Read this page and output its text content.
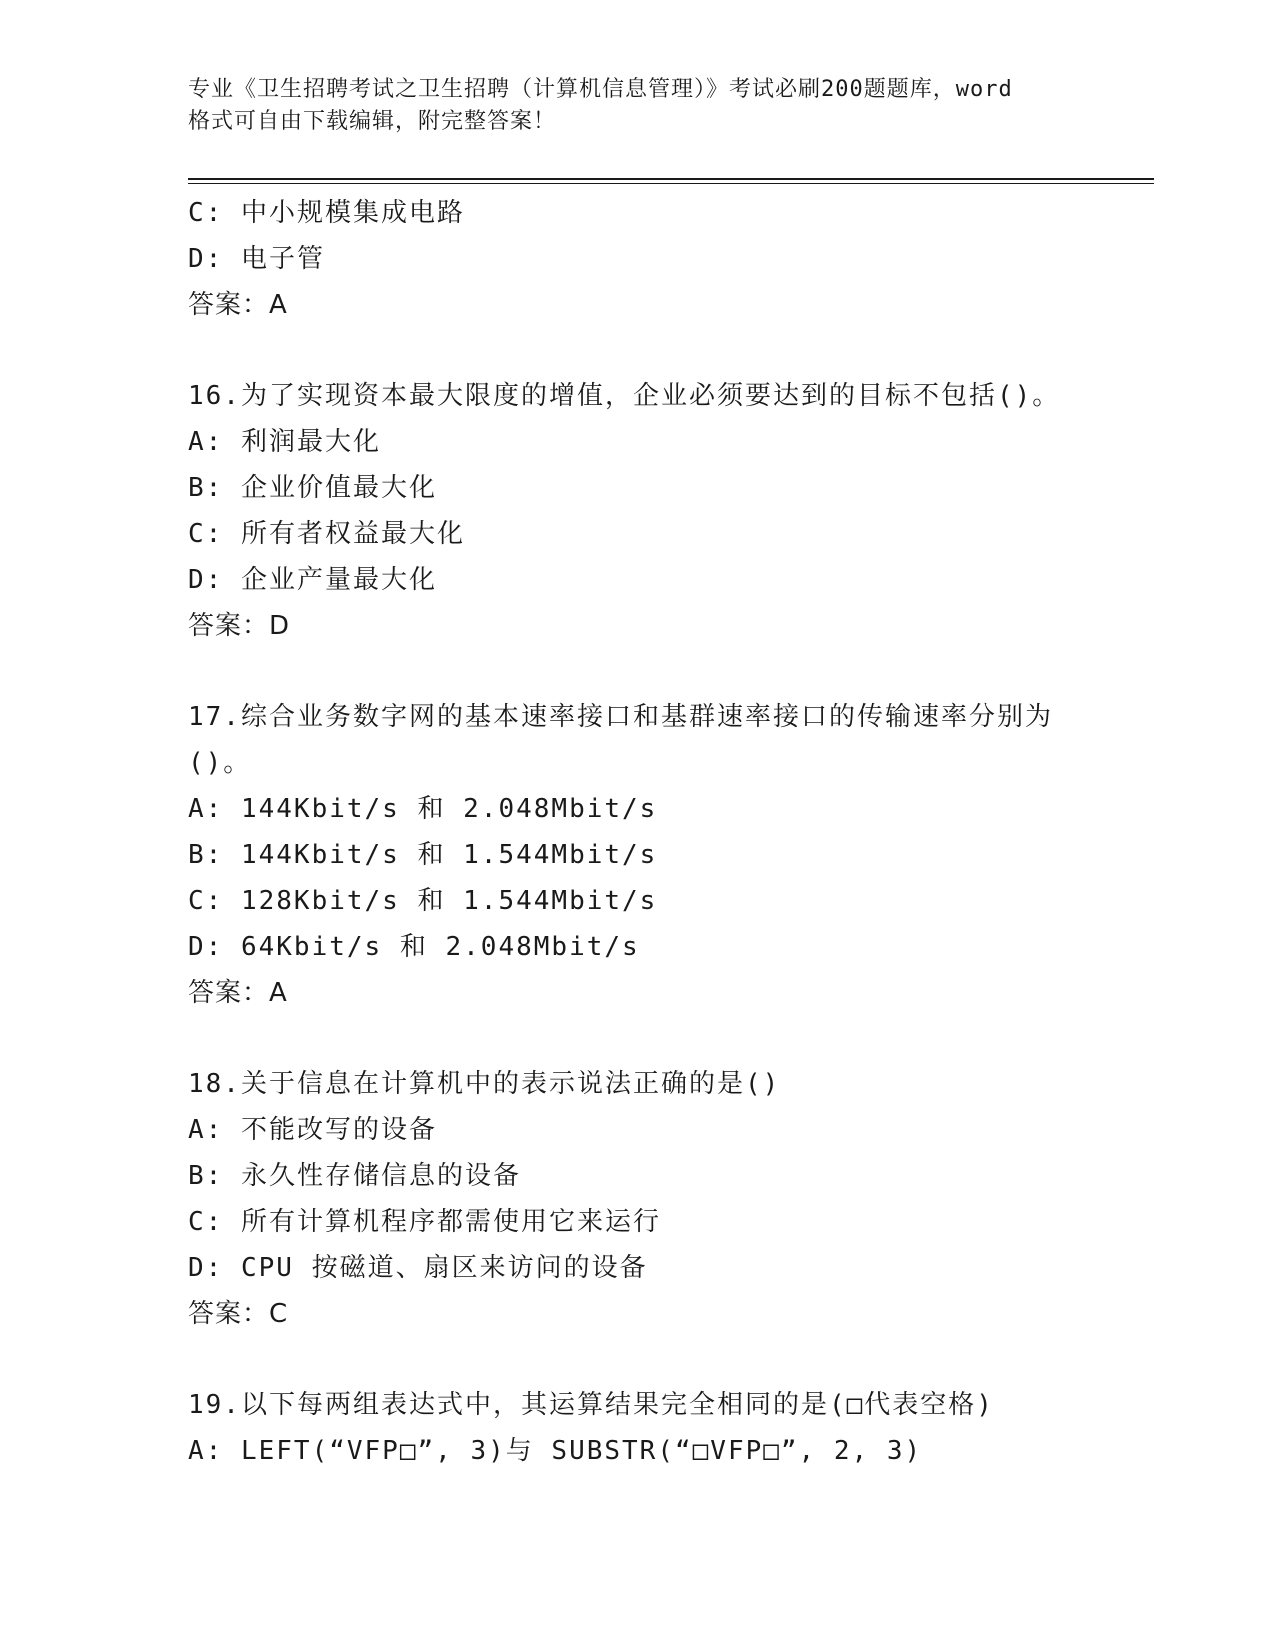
专业《卫生招聘考试之卫生招聘（计算机信息管理）》考试必刷200题题库，word
格式可自由下载编辑，附完整答案！
C: 中小规模集成电路
D: 电子管
答案：A
16.为了实现资本最大限度的增值，企业必须要达到的目标不包括()。
A: 利润最大化
B: 企业价值最大化
C: 所有者权益最大化
D: 企业产量最大化
答案：D
17.综合业务数字网的基本速率接口和基群速率接口的传输速率分别为
()。
A: 144Kbit/s 和 2.048Mbit/s
B: 144Kbit/s 和 1.544Mbit/s
C: 128Kbit/s 和 1.544Mbit/s
D: 64Kbit/s 和 2.048Mbit/s
答案：A
18.关于信息在计算机中的表示说法正确的是()
A: 不能改写的设备
B: 永久性存储信息的设备
C: 所有计算机程序都需使用它来运行
D: CPU 按磁道、扇区来访问的设备
答案：C
19.以下每两组表达式中，其运算结果完全相同的是(□代表空格)
A: LEFT(“VFP□”, 3)与 SUBSTR(“□VFP□”, 2, 3)
